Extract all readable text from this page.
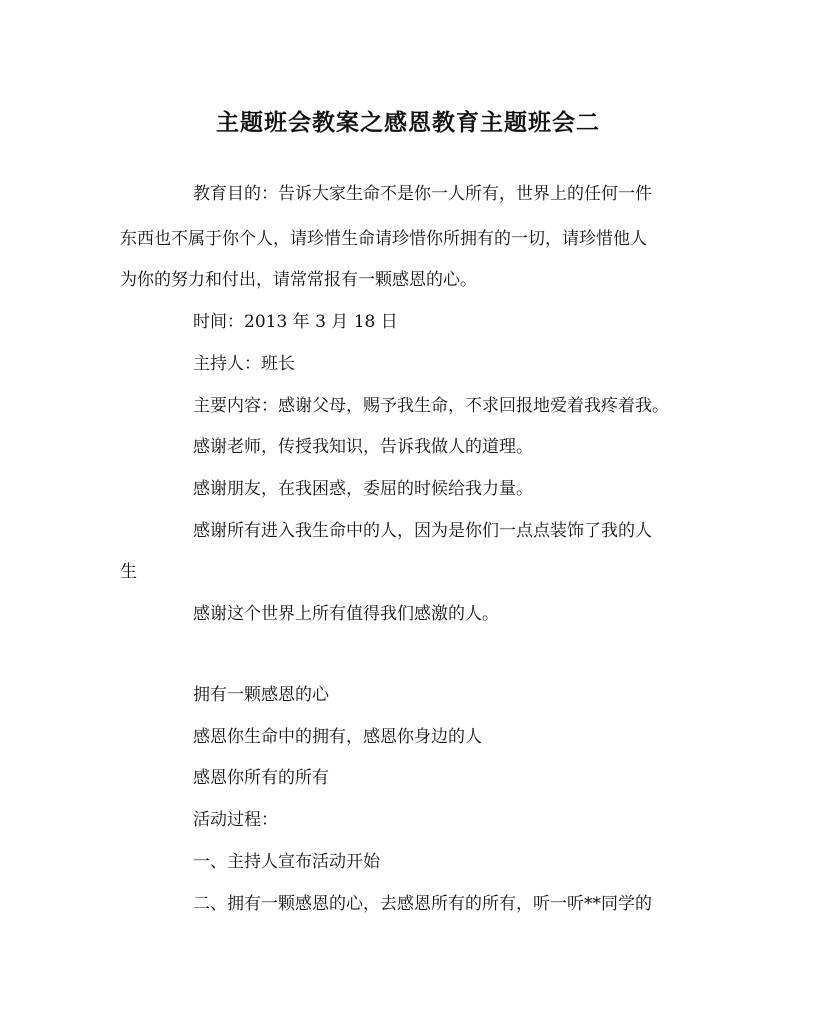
主题班会教案之感恩教育主题班会二
教育目的：告诉大家生命不是你一人所有，世界上的任何一件
东西也不属于你个人，请珍惜生命请珍惜你所拥有的一切，请珍惜他人
为你的努力和付出，请常常报有一颗感恩的心。
时间：2013 年 3 月 18 日
主持人：班长
主要内容：感谢父母，赐予我生命，不求回报地爱着我疼着我。
感谢老师，传授我知识，告诉我做人的道理。
感谢朋友，在我困惑，委屈的时候给我力量。
感谢所有进入我生命中的人，因为是你们一点点装饰了我的人
生
感谢这个世界上所有值得我们感激的人。
拥有一颗感恩的心
感恩你生命中的拥有，感恩你身边的人
感恩你所有的所有
活动过程：
一、主持人宣布活动开始
二、拥有一颗感恩的心，去感恩所有的所有，听一听**同学的
